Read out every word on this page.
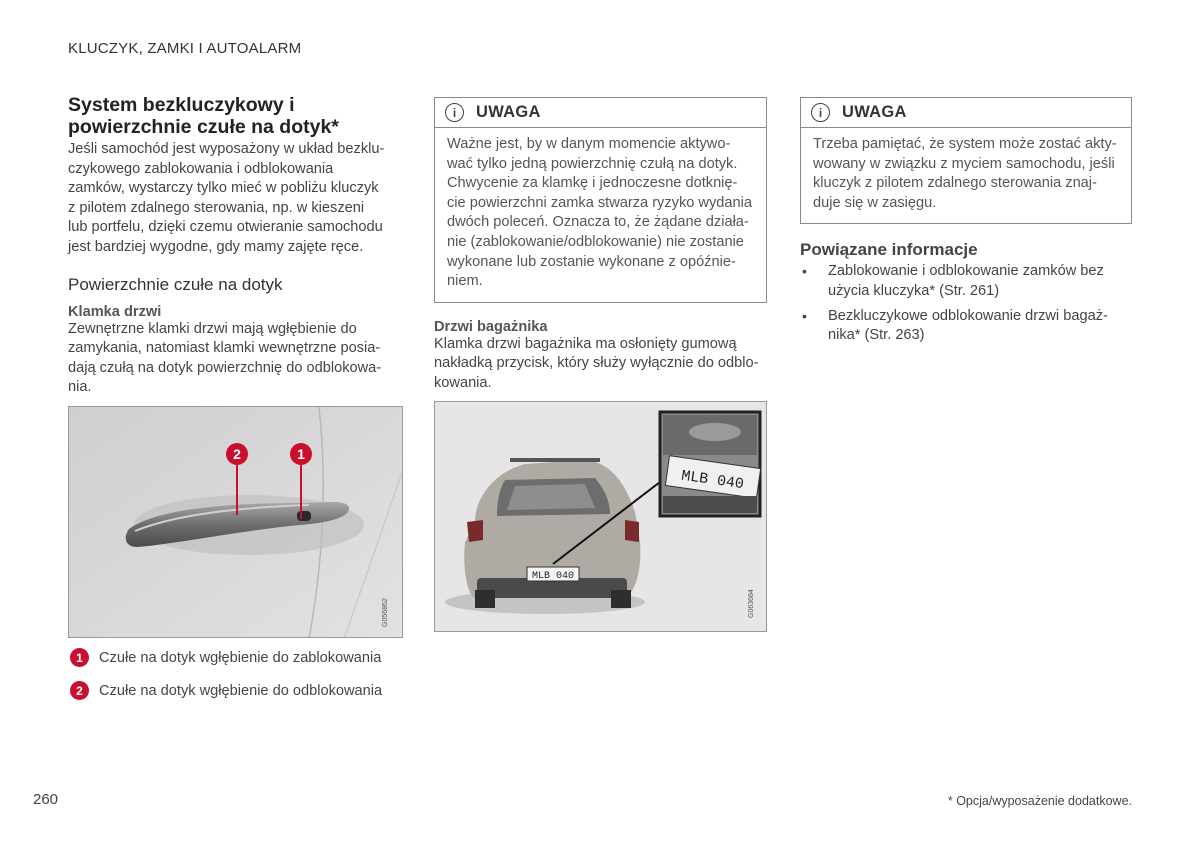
KLUCZYK, ZAMKI I AUTOALARM
System bezkluczykowy i
powierzchnie czułe na dotyk*

Jeśli samochód jest wyposażony w układ bezklu-
czykowego zablokowania i odblokowania
zamków, wystarczy tylko mieć w pobliżu kluczyk
z pilotem zdalnego sterowania, np. w kieszeni
lub portfelu, dzięki czemu otwieranie samochodu
jest bardziej wygodne, gdy mamy zajęte ręce.

Powierzchnie czułe na dotyk
Klamka drzwi

Zewnętrzne klamki drzwi mają wgłębienie do
zamykania, natomiast klamki wewnętrzne posia-
dają czułą na dotyk powierzchnię do odblokowa-
nia.

2	1
G056862
1	Czułe na dotyk wgłębienie do zablokowania
2	Czułe na dotyk wgłębienie do odblokowania
i	UWAGA
Ważne jest, by w danym momencie aktywo-
wać tylko jedną powierzchnię czułą na dotyk.
Chwycenie za klamkę i jednoczesne dotknię-
cie powierzchni zamka stwarza ryzyko wydania
dwóch poleceń. Oznacza to, że żądane działa-
nie (zablokowanie/odblokowanie) nie zostanie
wykonane lub zostanie wykonane z opóźnie-
niem.
Drzwi bagażnika

Klamka drzwi bagażnika ma osłonięty gumową
nakładką przycisk, który służy wyłącznie do odblo-
kowania.

MLB 040
MLB 040
G063684
i	UWAGA
Trzeba pamiętać, że system może zostać akty-
wowany w związku z myciem samochodu, jeśli
kluczyk z pilotem zdalnego sterowania znaj-
duje się w zasięgu.
Powiązane informacje
• Zablokowanie i odblokowanie zamków bez
użycia kluczyka* (Str. 261)
• Bezkluczykowe odblokowanie drzwi bagaż-
nika* (Str. 263)
260	* Opcja/wyposażenie dodatkowe.
